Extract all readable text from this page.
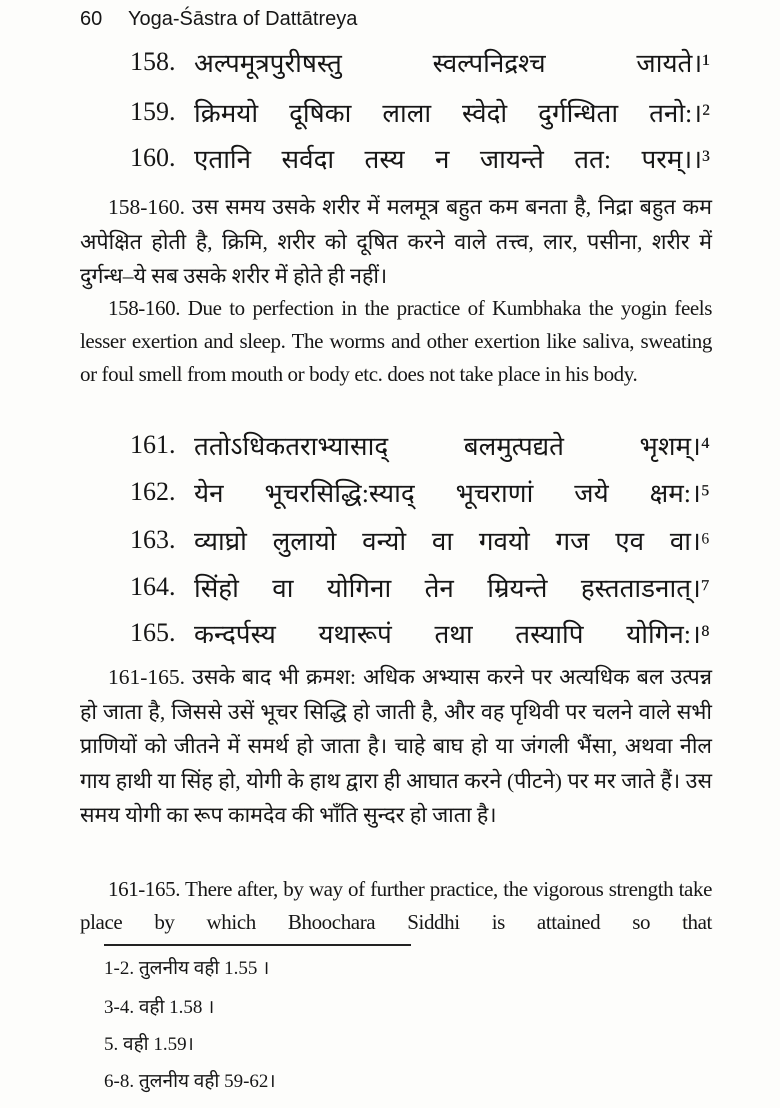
60 Yoga-Śāstra of Dattātreya
158. अल्पमूत्रपुरीषस्तु	स्वल्पनिद्रश्च	जायते।¹
159. क्रिमयो दूषिका लाला स्वेदो दुर्गन्धिता तनो:।²
160. एतानि सर्वदा तस्य न जायन्ते तत: परम्।।³
158-160. उस समय उसके शरीर में मलमूत्र बहुत कम बनता है, निद्रा बहुत कम अपेक्षित होती है, क्रिमि, शरीर को दूषित करने वाले तत्त्व, लार, पसीना, शरीर में दुर्गन्ध–ये सब उसके शरीर में होते ही नहीं।
158-160. Due to perfection in the practice of Kumbhaka the yogin feels lesser exertion and sleep. The worms and other exertion like saliva, sweating or foul smell from mouth or body etc. does not take place in his body.
161. ततोऽधिकतराभ्यासाद्	बलमुत्पद्यते	भृशम्।⁴
162. येन भूचरसिद्धि:स्याद् भूचराणां जये क्षम:।⁵
163. व्याघ्रो लुलायो वन्यो वा गवयो गज एव वा।⁶
164. सिंहो वा योगिना तेन म्रियन्ते हस्तताडनात्।⁷
165. कन्दर्पस्य यथारूपं तथा तस्यापि योगिन:।⁸
161-165. उसके बाद भी क्रमश: अधिक अभ्यास करने पर अत्यधिक बल उत्पन्न हो जाता है, जिससे उसें भूचर सिद्धि हो जाती है, और वह पृथिवी पर चलने वाले सभी प्राणियों को जीतने में समर्थ हो जाता है। चाहे बाघ हो या जंगली भैंसा, अथवा नील गाय हाथी या सिंह हो, योगी के हाथ द्वारा ही आघात करने (पीटने) पर मर जाते हैं। उस समय योगी का रूप कामदेव की भाँति सुन्दर हो जाता है।
161-165. There after, by way of further practice, the vigorous strength take place by which Bhoochara Siddhi is attained so that
1-2. तुलनीय वही 1.55 ।
3-4. वही 1.58 ।
5. वही 1.59।
6-8. तुलनीय वही 59-62।
